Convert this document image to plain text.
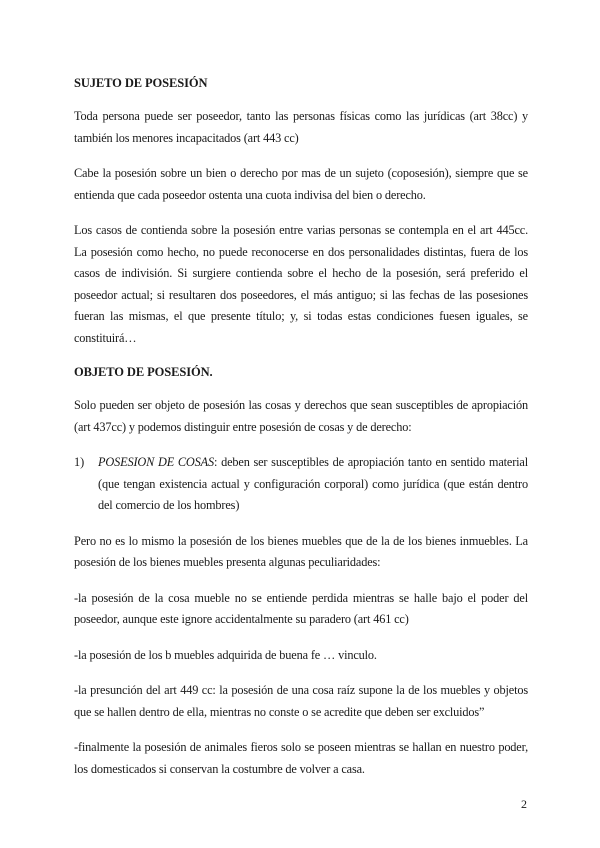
SUJETO DE POSESIÓN

Toda persona puede ser poseedor, tanto las personas físicas como las jurídicas (art 38cc) y también los menores incapacitados (art 443 cc)

Cabe la posesión sobre un bien o derecho por mas de un sujeto (coposesión), siempre que se entienda que cada poseedor ostenta una cuota indivisa del bien o derecho.

Los casos de contienda sobre la posesión entre varias personas se contempla en el art 445cc. La posesión como hecho, no puede reconocerse en dos personalidades distintas, fuera de los casos de indivisión. Si surgiere contienda sobre el hecho de la posesión, será preferido el poseedor actual; si resultaren dos poseedores, el más antiguo; si las fechas de las posesiones fueran las mismas, el que presente título; y, si todas estas condiciones fuesen iguales, se constituirá…

OBJETO DE POSESIÓN.

Solo pueden ser objeto de posesión las cosas y derechos que sean susceptibles de apropiación (art 437cc) y podemos distinguir entre posesión de cosas y de derecho:

1)	POSESION DE COSAS: deben ser susceptibles de apropiación tanto en sentido material (que tengan existencia actual y configuración corporal) como jurídica (que están dentro del comercio de los hombres)

Pero no es lo mismo la posesión de los bienes muebles que de la de los bienes inmuebles. La posesión de los bienes muebles presenta algunas peculiaridades:

-la posesión de la cosa mueble no se entiende perdida mientras se halle bajo el poder del poseedor, aunque este ignore accidentalmente su paradero (art 461 cc)

-la posesión de los b muebles adquirida de buena fe … vinculo.

-la presunción del art 449 cc: la posesión de una cosa raíz supone la de los muebles y objetos que se hallen dentro de ella, mientras no conste o se acredite que deben ser excluidos”

-finalmente la posesión de animales fieros solo se poseen mientras se hallan en nuestro poder, los domesticados si conservan la costumbre de volver a casa.

2
